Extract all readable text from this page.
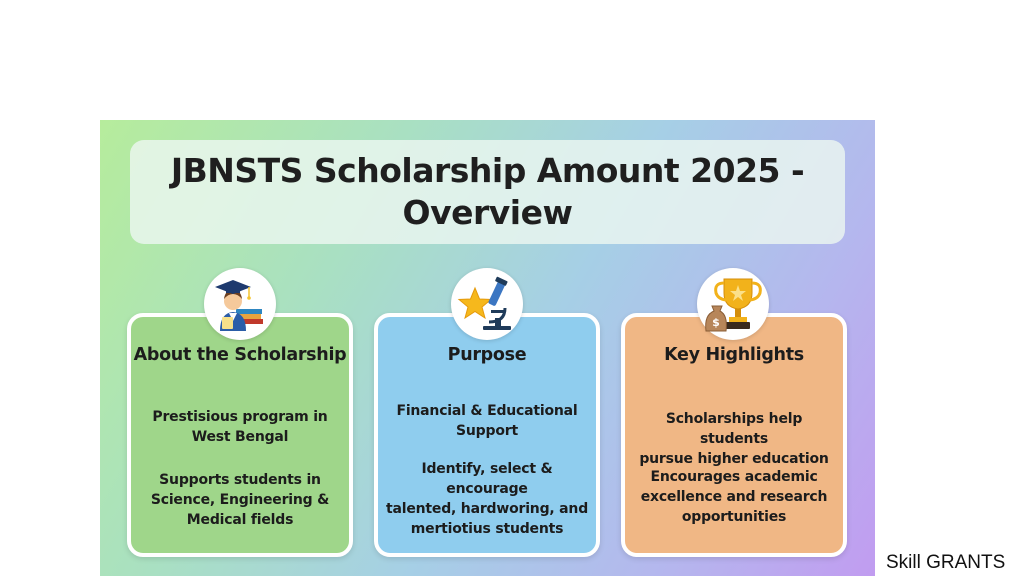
JBNSTS Scholarship Amount 2025 -
Overview
About the Scholarship
Prestisious program in
West Bengal
Supports students in
Science, Engineering &
Medical fields
Purpose
Financial & Educational
Support
Identify, select & encourage
talented, hardworing, and
mertiotius students
Key Highlights
Scholarships help students
pursue higher education
Encourages academic
excellence and research
opportunities
$
Skill GRANTS
